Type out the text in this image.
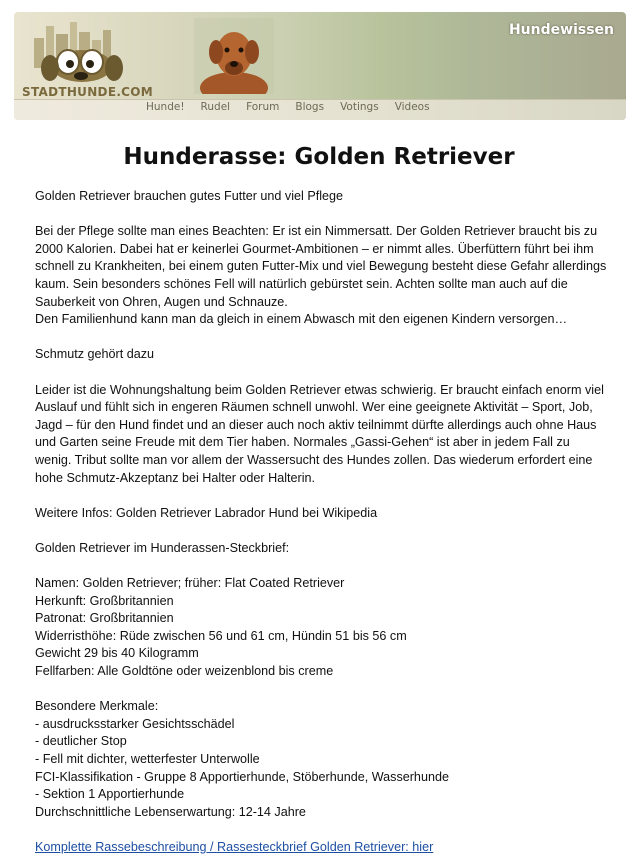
STADTHUNDE.COM
Hundewissen
Hunde! Rudel Forum Blogs Votings Videos
Hunderasse: Golden Retriever

Golden Retriever brauchen gutes Futter und viel Pflege

Bei der Pflege sollte man eines Beachten: Er ist ein Nimmersatt. Der Golden Retriever braucht bis zu 2000 Kalorien. Dabei hat er keinerlei Gourmet-Ambitionen – er nimmt alles. Überfüttern führt bei ihm schnell zu Krankheiten, bei einem guten Futter-Mix und viel Bewegung besteht diese Gefahr allerdings kaum. Sein besonders schönes Fell will natürlich gebürstet sein. Achten sollte man auch auf die Sauberkeit von Ohren, Augen und Schnauze.

Den Familienhund kann man da gleich in einem Abwasch mit den eigenen Kindern versorgen…

Schmutz gehört dazu

Leider ist die Wohnungshaltung beim Golden Retriever etwas schwierig. Er braucht einfach enorm viel Auslauf und fühlt sich in engeren Räumen schnell unwohl. Wer eine geeignete Aktivität – Sport, Job, Jagd – für den Hund findet und an dieser auch noch aktiv teilnimmt dürfte allerdings auch ohne Haus und Garten seine Freude mit dem Tier haben. Normales „Gassi-Gehen“ ist aber in jedem Fall zu wenig. Tribut sollte man vor allem der Wassersucht des Hundes zollen. Das wiederum erfordert eine hohe Schmutz-Akzeptanz bei Halter oder Halterin.

Weitere Infos: Golden Retriever Labrador Hund bei Wikipedia

Golden Retriever im Hunderassen-Steckbrief:

Namen: Golden Retriever; früher: Flat Coated Retriever

Herkunft: Großbritannien

Patronat: Großbritannien

Widerristhöhe: Rüde zwischen 56 und 61 cm, Hündin 51 bis 56 cm

Gewicht 29 bis 40 Kilogramm

Fellfarben: Alle Goldtöne oder weizenblond bis creme

Besondere Merkmale:

- ausdrucksstarker Gesichtsschädel

- deutlicher Stop

- Fell mit dichter, wetterfester Unterwolle

FCI-Klassifikation - Gruppe 8 Apportierhunde, Stöberhunde, Wasserhunde

- Sektion 1 Apportierhunde

Durchschnittliche Lebenserwartung: 12-14 Jahre

Komplette Rassebeschreibung / Rassesteckbrief Golden Retriever: hier
